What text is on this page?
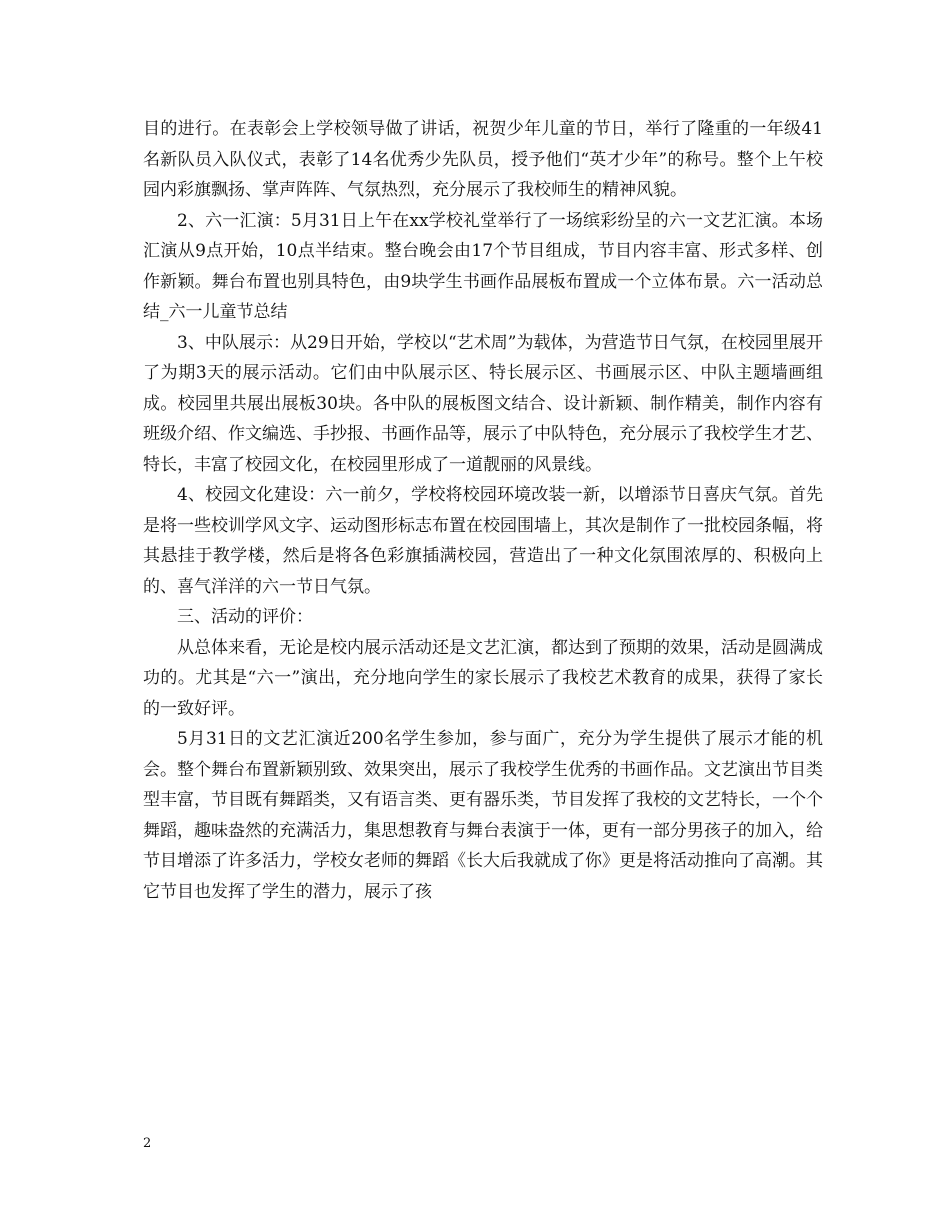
目的进行。在表彰会上学校领导做了讲话，祝贺少年儿童的节日，举行了隆重的一年级41名新队员入队仪式，表彰了14名优秀少先队员，授予他们“英才少年”的称号。整个上午校园内彩旗飘扬、掌声阵阵、气氛热烈，充分展示了我校师生的精神风貌。

2、六一汇演：5月31日上午在xx学校礼堂举行了一场缤彩纷呈的六一文艺汇演。本场汇演从9点开始，10点半结束。整台晚会由17个节目组成，节目内容丰富、形式多样、创作新颖。舞台布置也别具特色，由9块学生书画作品展板布置成一个立体布景。六一活动总结_六一儿童节总结

3、中队展示：从29日开始，学校以“艺术周”为载体，为营造节日气氛，在校园里展开了为期3天的展示活动。它们由中队展示区、特长展示区、书画展示区、中队主题墙画组成。校园里共展出展板30块。各中队的展板图文结合、设计新颖、制作精美，制作内容有班级介绍、作文编选、手抄报、书画作品等，展示了中队特色，充分展示了我校学生才艺、特长，丰富了校园文化，在校园里形成了一道靓丽的风景线。

4、校园文化建设：六一前夕，学校将校园环境改装一新，以增添节日喜庆气氛。首先是将一些校训学风文字、运动图形标志布置在校园围墙上，其次是制作了一批校园条幅，将其悬挂于教学楼，然后是将各色彩旗插满校园，营造出了一种文化氛围浓厚的、积极向上的、喜气洋洋的六一节日气氛。

三、活动的评价：

从总体来看，无论是校内展示活动还是文艺汇演，都达到了预期的效果，活动是圆满成功的。尤其是“六一”演出，充分地向学生的家长展示了我校艺术教育的成果，获得了家长的一致好评。

5月31日的文艺汇演近200名学生参加，参与面广，充分为学生提供了展示才能的机会。整个舞台布置新颖别致、效果突出，展示了我校学生优秀的书画作品。文艺演出节目类型丰富，节目既有舞蹈类，又有语言类、更有器乐类，节目发挥了我校的文艺特长，一个个舞蹈，趣味盎然的充满活力，集思想教育与舞台表演于一体，更有一部分男孩子的加入，给节目增添了许多活力，学校女老师的舞蹈《长大后我就成了你》更是将活动推向了高潮。其它节目也发挥了学生的潜力，展示了孩

2
